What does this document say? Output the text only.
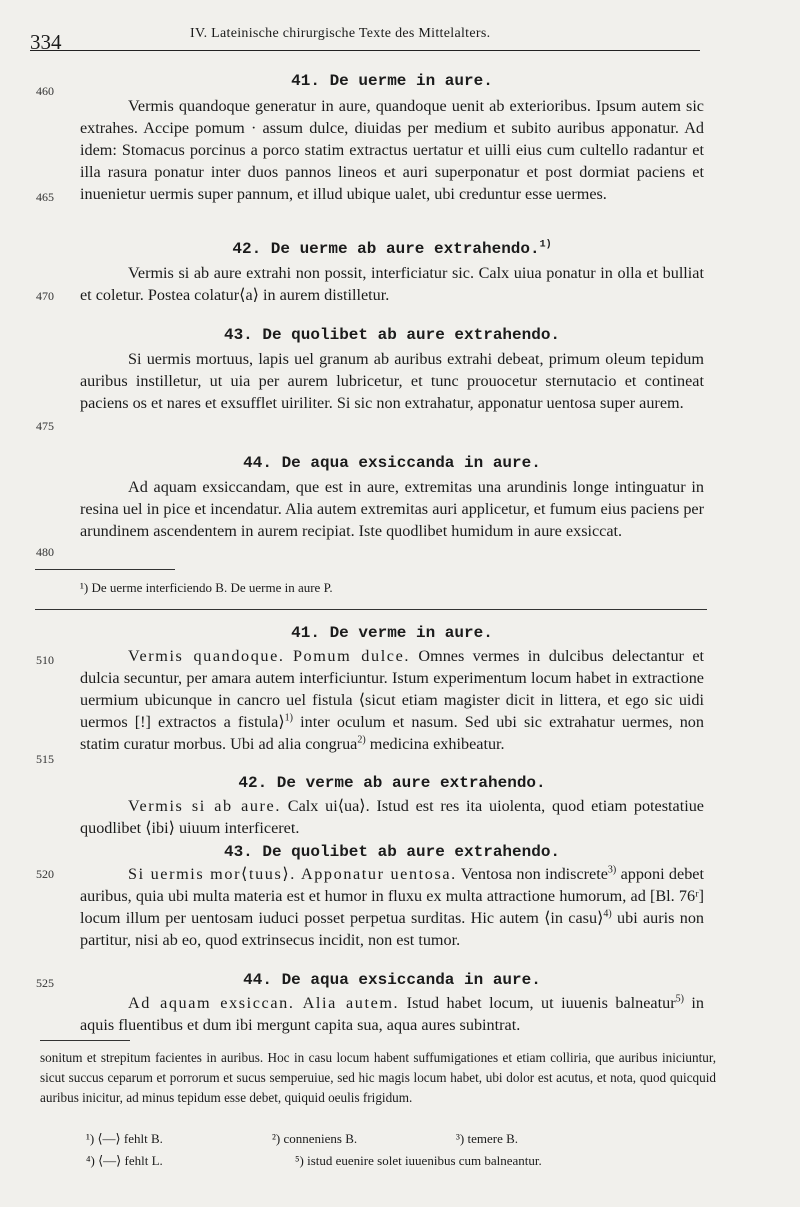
334	IV. Lateinische chirurgische Texte des Mittelalters.
460
465
470
475
480
510
515
520
525
41. De uerme in aure.
Vermis quandoque generatur in aure, quandoque uenit ab exterioribus. Ipsum autem sic extrahes. Accipe pomum · assum dulce, diuidas per medium et subito auribus apponatur. Ad idem: Stomacus porcinus a porco statim extractus uertatur et uilli eius cum cultello radantur et illa rasura ponatur inter duos pannos lineos et auri superponatur et post dormiat paciens et inuenietur uermis super pannum, et illud ubique ualet, ubi creduntur esse uermes.
42. De uerme ab aure extrahendo.$^{1)}$
Vermis si ab aure extrahi non possit, interficiatur sic. Calx uiua ponatur in olla et bulliat et coletur. Postea colatur⟨a⟩ in aurem distilletur.
43. De quolibet ab aure extrahendo.
Si uermis mortuus, lapis uel granum ab auribus extrahi debeat, primum oleum tepidum auribus instilletur, ut uia per aurem lubricetur, et tunc prouocetur sternutacio et contineat paciens os et nares et exsufflet uiriliter. Si sic non extrahatur, apponatur uentosa super aurem.
44. De aqua exsiccanda in aure.
Ad aquam exsiccandam, que est in aure, extremitas una arundinis longe intinguatur in resina uel in pice et incendatur. Alia autem extremitas auri applicetur, et fumum eius paciens per arundinem ascendentem in aurem recipiat. Iste quodlibet humidum in aure exsiccat.
¹) De uerme interficiendo B. De uerme in aure P.
41. De verme in aure.
Vermis quandoque. Pomum dulce. Omnes vermes in dulcibus delectantur et dulcia secuntur, per amara autem interficiuntur. Istum experimentum locum habet in extractione uermium ubicunque in cancro uel fistula ⟨sicut etiam magister dicit in littera, et ego sic uidi uermos [!] extractos a fistula⟩$^{1)}$ inter oculum et nasum. Sed ubi sic extrahatur uermes, non statim curatur morbus. Ubi ad alia congrua$^{2)}$ medicina exhibeatur.
42. De verme ab aure extrahendo.
Vermis si ab aure. Calx ui⟨ua⟩. Istud est res ita uiolenta, quod etiam potestatiue quodlibet ⟨ibi⟩ uiuum interficeret.
43. De quolibet ab aure extrahendo.
Si uermis mor⟨tuus⟩. Apponatur uentosa. Ventosa non indiscrete$^{3)}$ apponi debet auribus, quia ubi multa materia est et humor in fluxu ex multa attractione humorum, ad [Bl. 76ʳ] locum illum per uentosam iuduci posset perpetua surditas. Hic autem ⟨in casu⟩$^{4)}$ ubi auris non partitur, nisi ab eo, quod extrinsecus incidit, non est tumor.
44. De aqua exsiccanda in aure.
Ad aquam exsiccan. Alia autem. Istud habet locum, ut iuuenis balneatur$^{5)}$ in aquis fluentibus et dum ibi mergunt capita sua, aqua aures subintrat.
sonitum et strepitum facientes in auribus. Hoc in casu locum habent suffumigationes et etiam colliria, que auribus iniciuntur, sicut succus ceparum et porrorum et sucus semperuiue, sed hic magis locum habet, ubi dolor est acutus, et nota, quod quicquid auribus inicitur, ad minus tepidum esse debet, quiquid oeulis frigidum.
¹) ⟨—⟩ fehlt B.	²) conneniens B.	³) temere B.
⁴) ⟨—⟩ fehlt L.	⁵) istud euenire solet iuuenibus cum balneantur.
